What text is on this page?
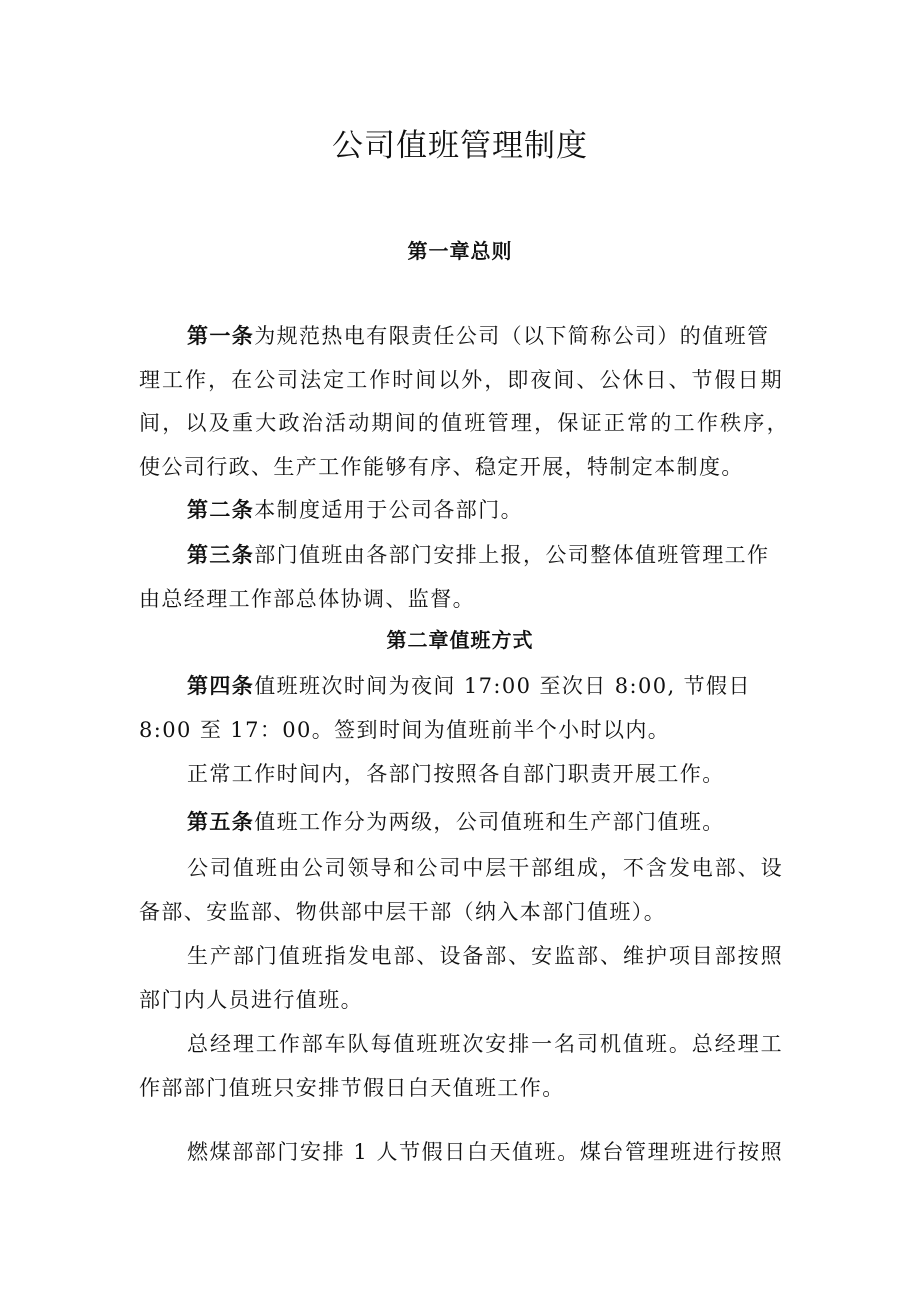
公司值班管理制度
第一章总则
第一条为规范热电有限责任公司（以下简称公司）的值班管
理工作，在公司法定工作时间以外，即夜间、公休日、节假日期
间，以及重大政治活动期间的值班管理，保证正常的工作秩序，
使公司行政、生产工作能够有序、稳定开展，特制定本制度。
第二条本制度适用于公司各部门。
第三条部门值班由各部门安排上报，公司整体值班管理工作
由总经理工作部总体协调、监督。
第二章值班方式
第四条值班班次时间为夜间 17:00 至次日 8:00, 节假日
8:00 至 17：00。签到时间为值班前半个小时以内。
正常工作时间内，各部门按照各自部门职责开展工作。
第五条值班工作分为两级，公司值班和生产部门值班。
公司值班由公司领导和公司中层干部组成，不含发电部、设
备部、安监部、物供部中层干部（纳入本部门值班）。
生产部门值班指发电部、设备部、安监部、维护项目部按照
部门内人员进行值班。
总经理工作部车队每值班班次安排一名司机值班。总经理工
作部部门值班只安排节假日白天值班工作。
燃煤部部门安排 1 人节假日白天值班。煤台管理班进行按照
